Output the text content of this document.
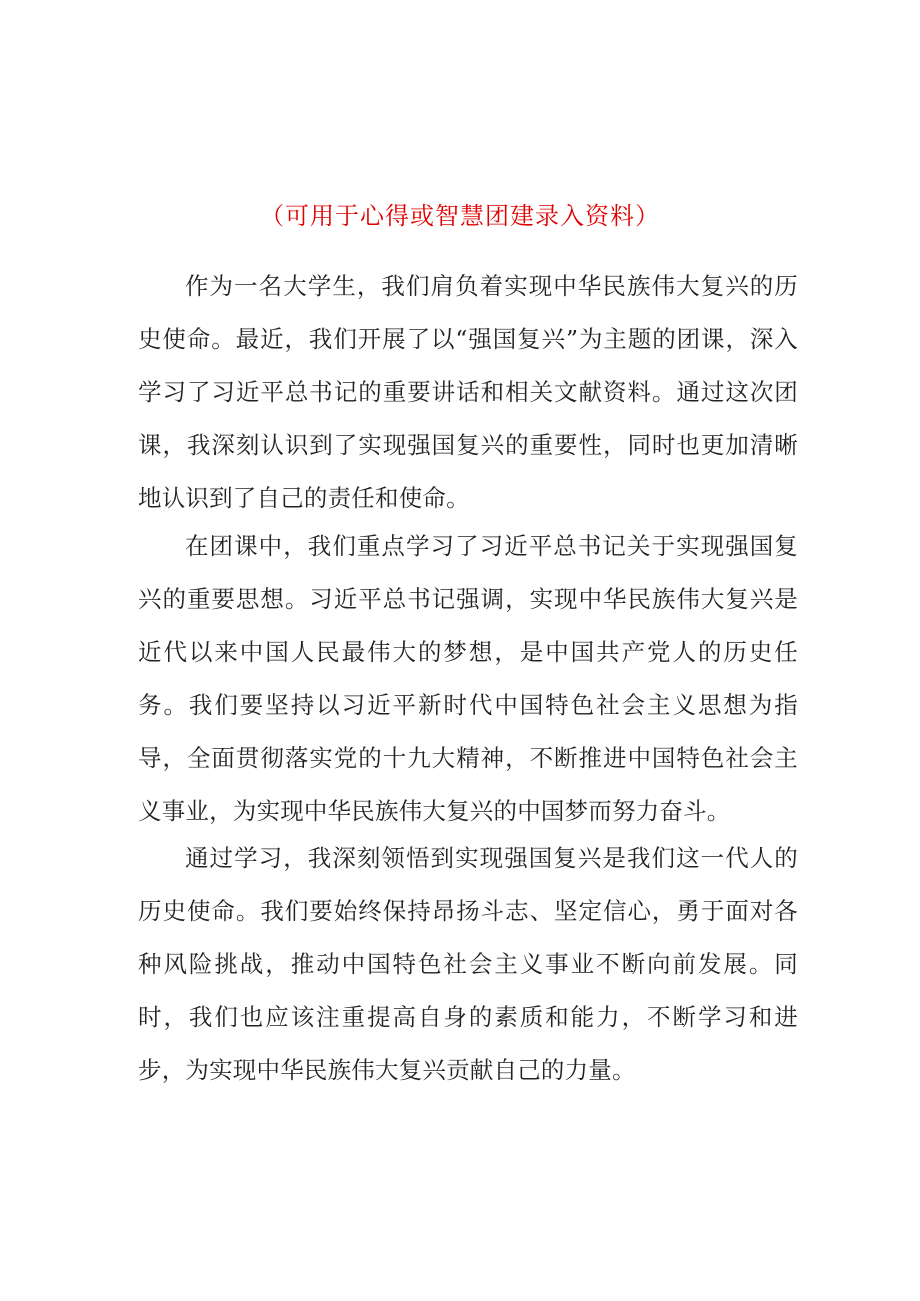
（可用于心得或智慧团建录入资料）

作为一名大学生，我们肩负着实现中华民族伟大复兴的历史使命。最近，我们开展了以“强国复兴”为主题的团课，深入学习了习近平总书记的重要讲话和相关文献资料。通过这次团课，我深刻认识到了实现强国复兴的重要性，同时也更加清晰地认识到了自己的责任和使命。

在团课中，我们重点学习了习近平总书记关于实现强国复兴的重要思想。习近平总书记强调，实现中华民族伟大复兴是近代以来中国人民最伟大的梦想，是中国共产党人的历史任务。我们要坚持以习近平新时代中国特色社会主义思想为指导，全面贯彻落实党的十九大精神，不断推进中国特色社会主义事业，为实现中华民族伟大复兴的中国梦而努力奋斗。

通过学习，我深刻领悟到实现强国复兴是我们这一代人的历史使命。我们要始终保持昂扬斗志、坚定信心，勇于面对各种风险挑战，推动中国特色社会主义事业不断向前发展。同时，我们也应该注重提高自身的素质和能力，不断学习和进步，为实现中华民族伟大复兴贡献自己的力量。
